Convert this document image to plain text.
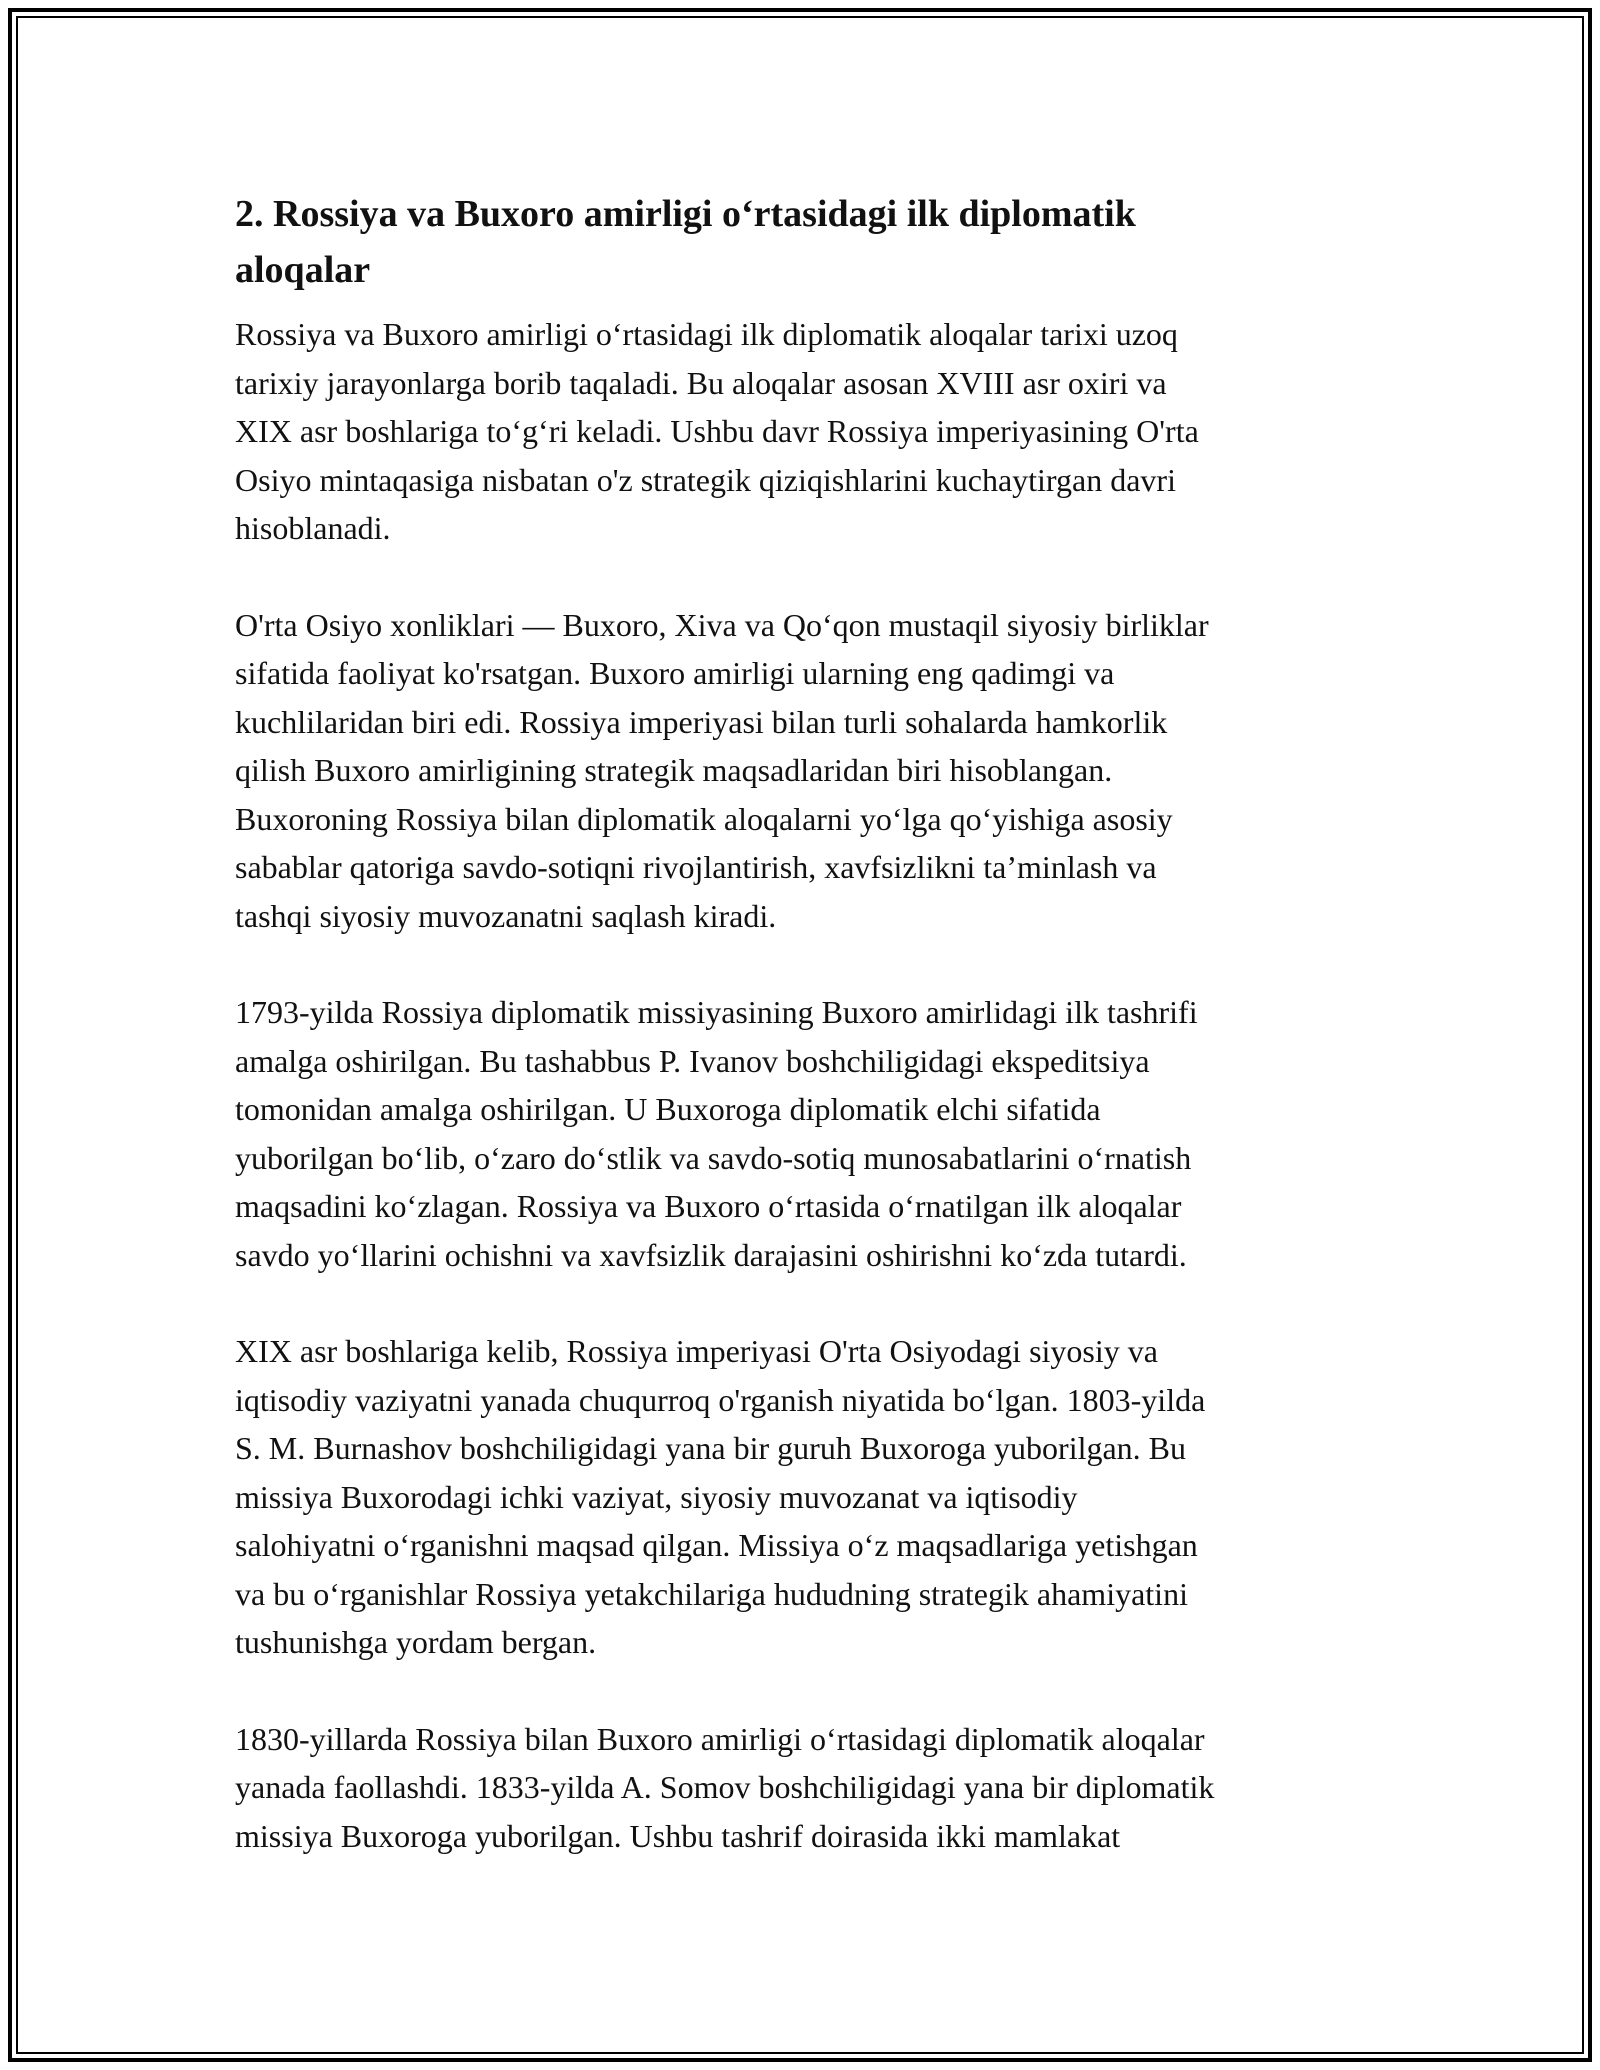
2. Rossiya va Buxoro amirligi o‘rtasidagi ilk diplomatik
aloqalar

Rossiya va Buxoro amirligi o‘rtasidagi ilk diplomatik aloqalar tarixi uzoq
tarixiy jarayonlarga borib taqaladi. Bu aloqalar asosan XVIII asr oxiri va
XIX asr boshlariga to‘g‘ri keladi. Ushbu davr Rossiya imperiyasining O'rta
Osiyo mintaqasiga nisbatan o'z strategik qiziqishlarini kuchaytirgan davri
hisoblanadi.

O'rta Osiyo xonliklari — Buxoro, Xiva va Qo‘qon mustaqil siyosiy birliklar
sifatida faoliyat ko'rsatgan. Buxoro amirligi ularning eng qadimgi va
kuchlilaridan biri edi. Rossiya imperiyasi bilan turli sohalarda hamkorlik
qilish Buxoro amirligining strategik maqsadlaridan biri hisoblangan.
Buxoroning Rossiya bilan diplomatik aloqalarni yo‘lga qo‘yishiga asosiy
sabablar qatoriga savdo-sotiqni rivojlantirish, xavfsizlikni ta’minlash va
tashqi siyosiy muvozanatni saqlash kiradi.

1793-yilda Rossiya diplomatik missiyasining Buxoro amirlidagi ilk tashrifi
amalga oshirilgan. Bu tashabbus P. Ivanov boshchiligidagi ekspeditsiya
tomonidan amalga oshirilgan. U Buxoroga diplomatik elchi sifatida
yuborilgan bo‘lib, o‘zaro do‘stlik va savdo-sotiq munosabatlarini o‘rnatish
maqsadini ko‘zlagan. Rossiya va Buxoro o‘rtasida o‘rnatilgan ilk aloqalar
savdo yo‘llarini ochishni va xavfsizlik darajasini oshirishni ko‘zda tutardi.

XIX asr boshlariga kelib, Rossiya imperiyasi O'rta Osiyodagi siyosiy va
iqtisodiy vaziyatni yanada chuqurroq o'rganish niyatida bo‘lgan. 1803-yilda
S. M. Burnashov boshchiligidagi yana bir guruh Buxoroga yuborilgan. Bu
missiya Buxorodagi ichki vaziyat, siyosiy muvozanat va iqtisodiy
salohiyatni o‘rganishni maqsad qilgan. Missiya o‘z maqsadlariga yetishgan
va bu o‘rganishlar Rossiya yetakchilariga hududning strategik ahamiyatini
tushunishga yordam bergan.

1830-yillarda Rossiya bilan Buxoro amirligi o‘rtasidagi diplomatik aloqalar
yanada faollashdi. 1833-yilda A. Somov boshchiligidagi yana bir diplomatik
missiya Buxoroga yuborilgan. Ushbu tashrif doirasida ikki mamlakat
